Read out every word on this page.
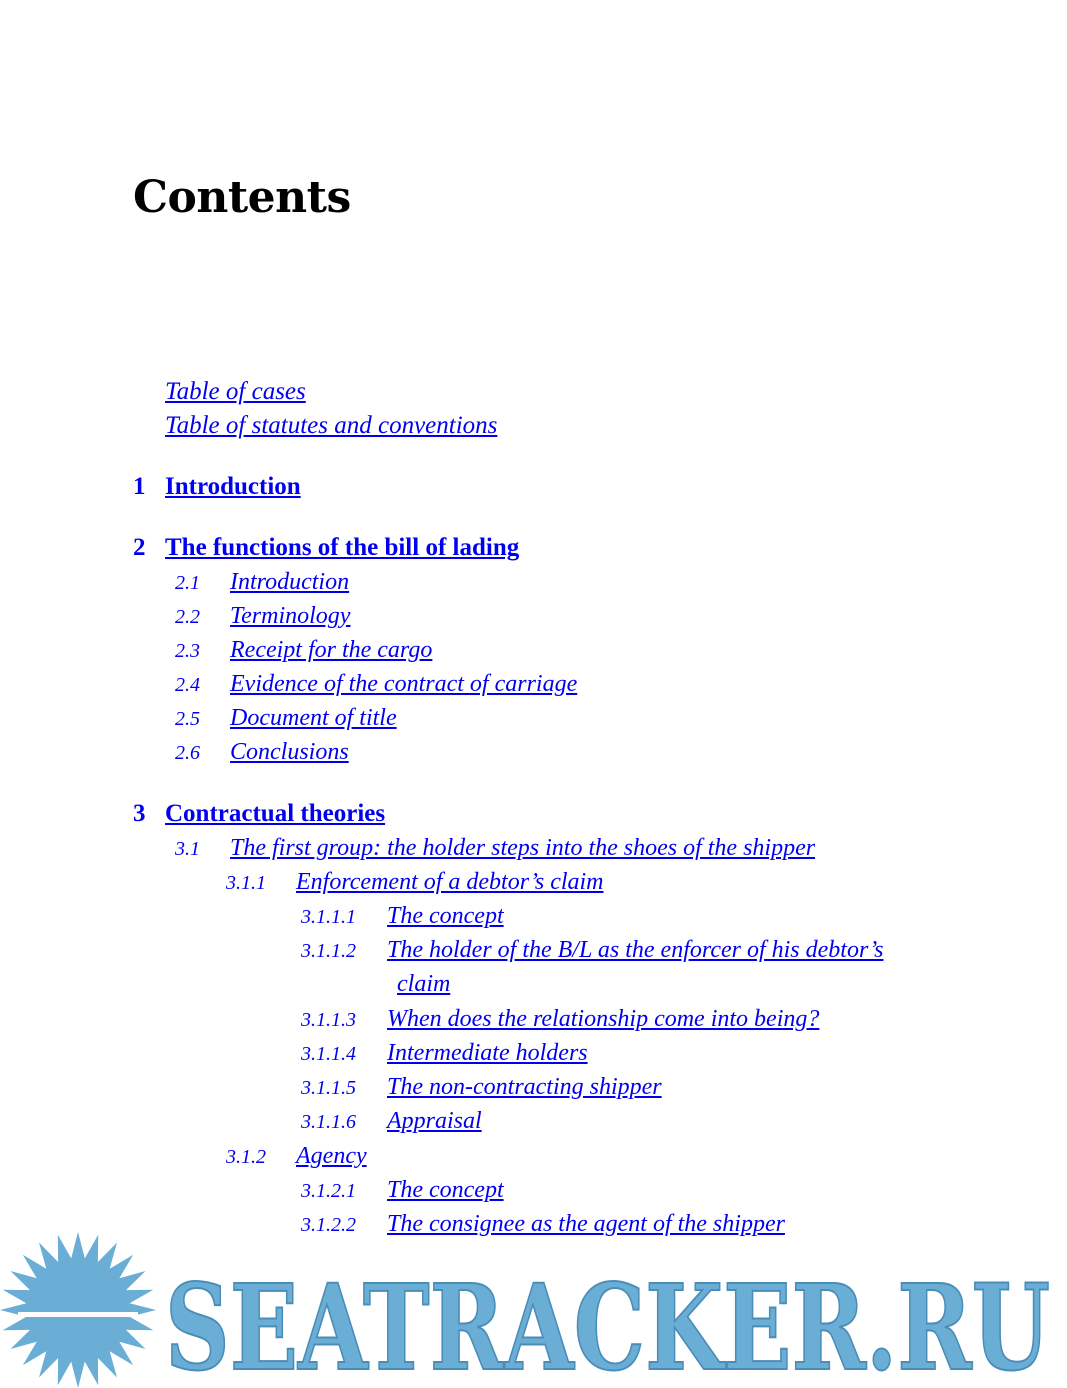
Contents
Table of cases
Table of statutes and conventions
1 Introduction
2 The functions of the bill of lading
2.1 Introduction
2.2 Terminology
2.3 Receipt for the cargo
2.4 Evidence of the contract of carriage
2.5 Document of title
2.6 Conclusions
3 Contractual theories
3.1 The first group: the holder steps into the shoes of the shipper
3.1.1 Enforcement of a debtor’s claim
3.1.1.1 The concept
3.1.1.2 The holder of the B/L as the enforcer of his debtor’s
claim
3.1.1.3 When does the relationship come into being?
3.1.1.4 Intermediate holders
3.1.1.5 The non-contracting shipper
3.1.1.6 Appraisal
3.1.2 Agency
3.1.2.1 The concept
3.1.2.2 The consignee as the agent of the shipper
SEATRACKER.RU
